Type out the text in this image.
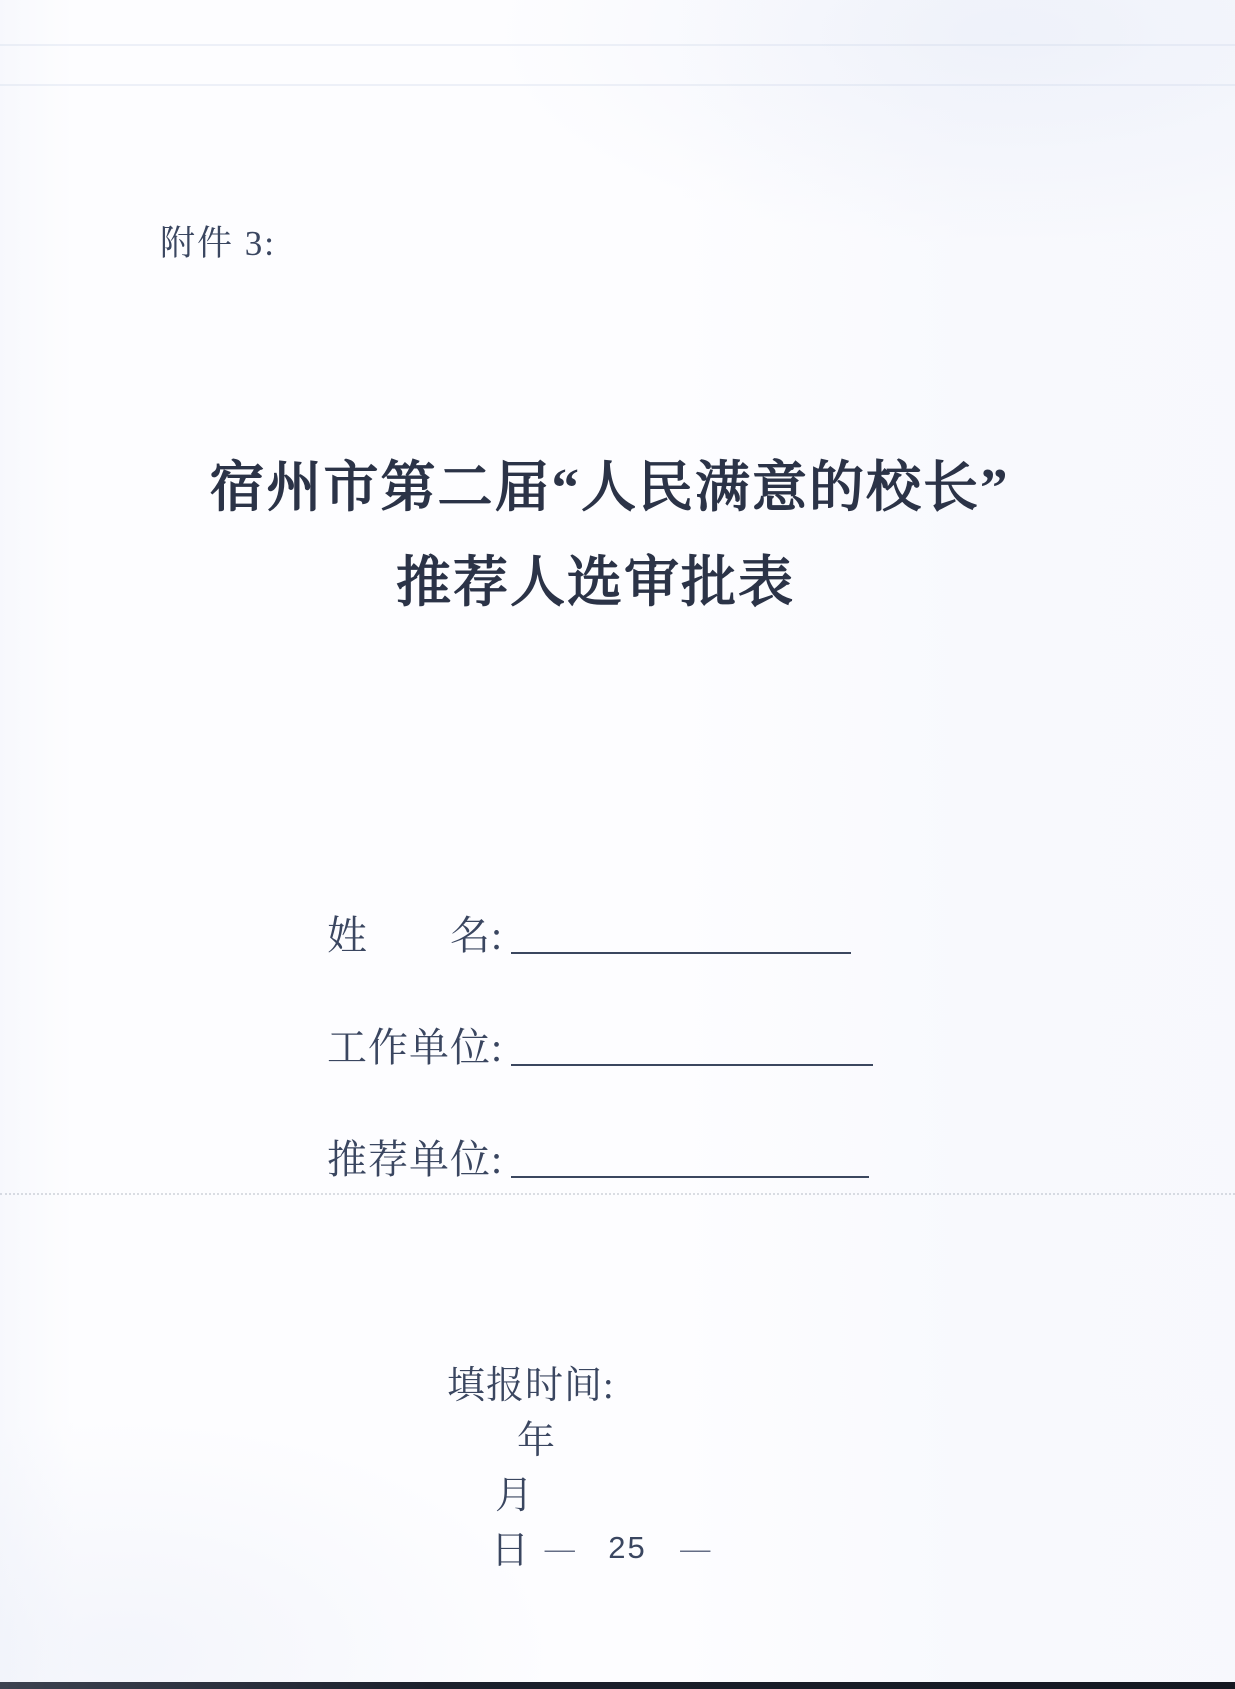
附件 3:
宿州市第二届“人民满意的校长”
推荐人选审批表
姓　　名:
工作单位:
推荐单位:

填报时间:
年
月
日
— 25 —
